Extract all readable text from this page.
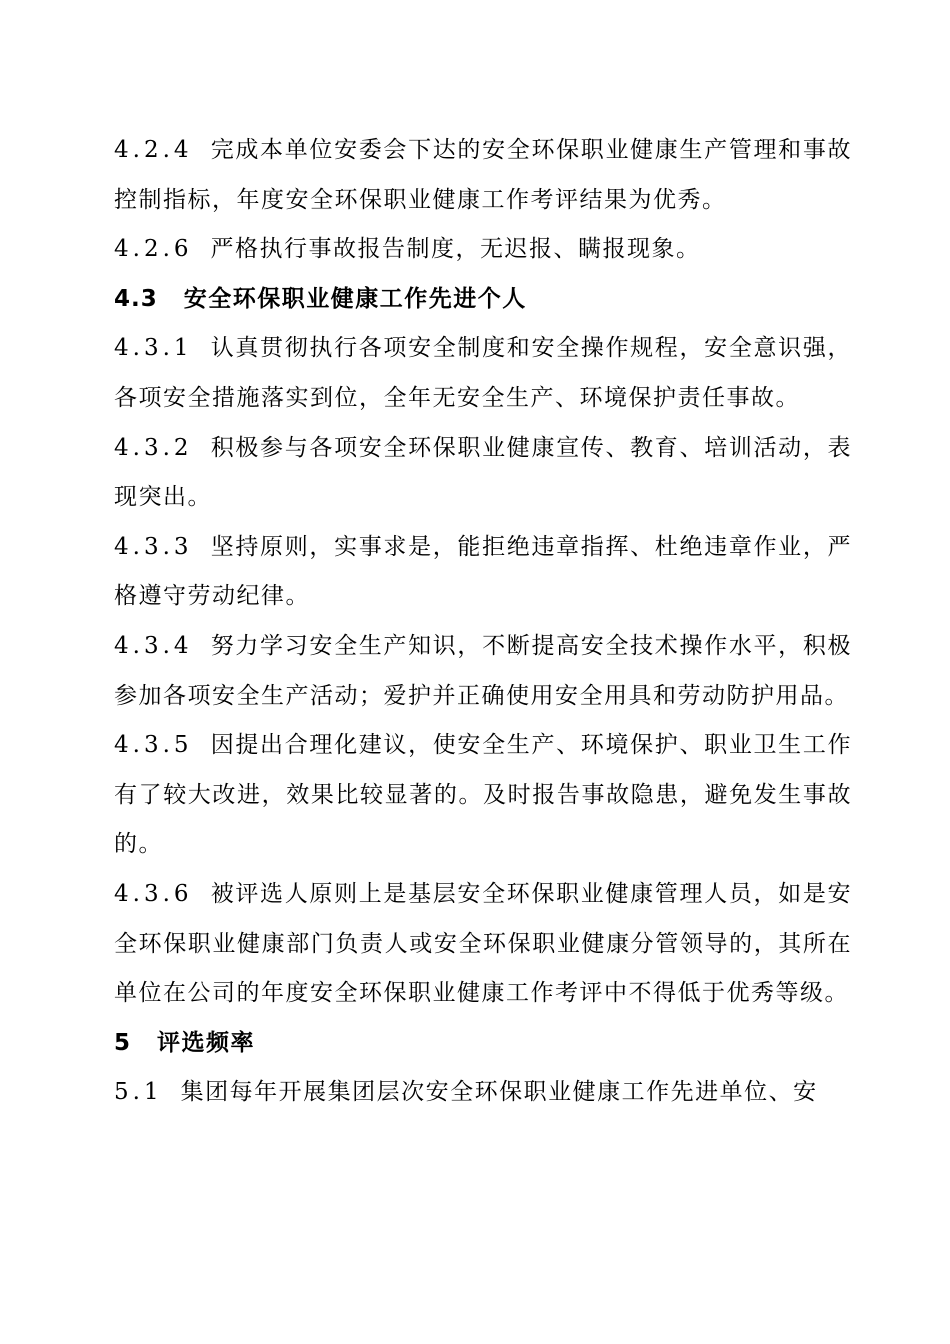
4.2.4 完成本单位安委会下达的安全环保职业健康生产管理和事故控制指标，年度安全环保职业健康工作考评结果为优秀。

4.2.6 严格执行事故报告制度，无迟报、瞒报现象。

4.3 安全环保职业健康工作先进个人

4.3.1 认真贯彻执行各项安全制度和安全操作规程，安全意识强，各项安全措施落实到位，全年无安全生产、环境保护责任事故。

4.3.2 积极参与各项安全环保职业健康宣传、教育、培训活动，表现突出。

4.3.3 坚持原则，实事求是，能拒绝违章指挥、杜绝违章作业，严格遵守劳动纪律。

4.3.4 努力学习安全生产知识，不断提高安全技术操作水平，积极参加各项安全生产活动；爱护并正确使用安全用具和劳动防护用品。

4.3.5 因提出合理化建议，使安全生产、环境保护、职业卫生工作有了较大改进，效果比较显著的。及时报告事故隐患，避免发生事故的。

4.3.6 被评选人原则上是基层安全环保职业健康管理人员，如是安全环保职业健康部门负责人或安全环保职业健康分管领导的，其所在单位在公司的年度安全环保职业健康工作考评中不得低于优秀等级。

5 评选频率

5.1 集团每年开展集团层次安全环保职业健康工作先进单位、安
